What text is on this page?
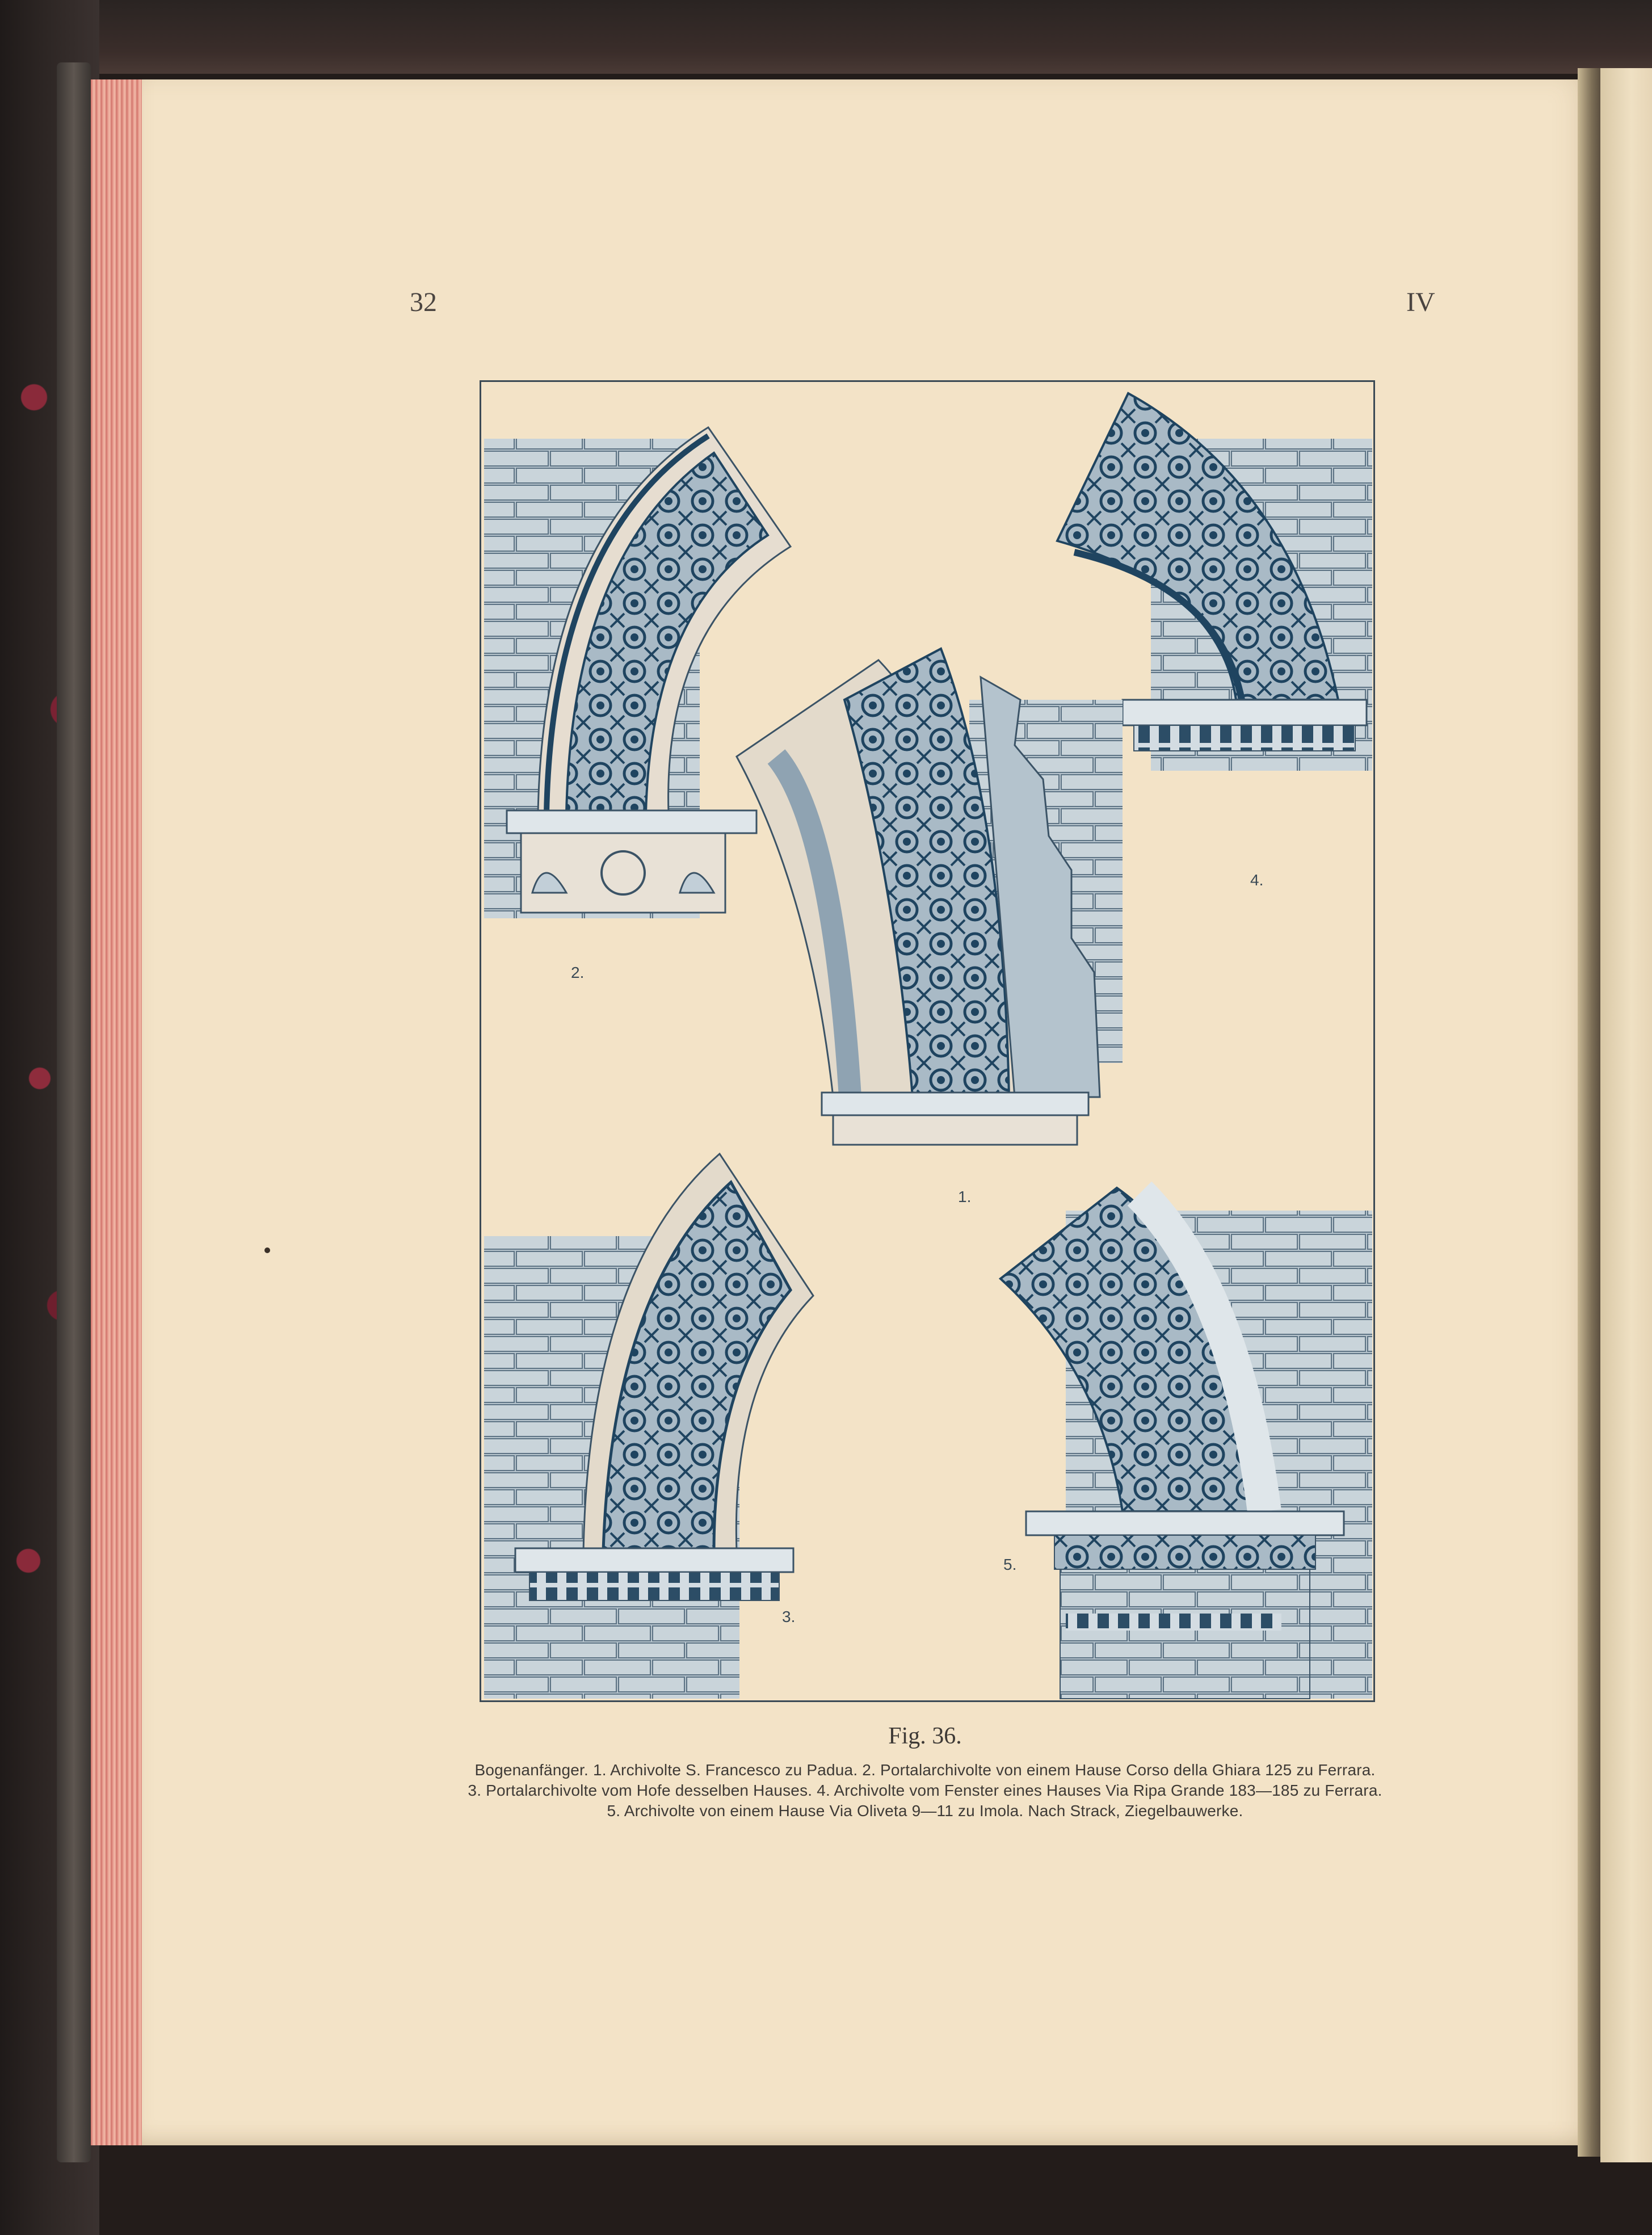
32	IV
2.
4.
1.
3.
5.
Fig. 36.
Bogenanfänger. 1. Archivolte S. Francesco zu Padua. 2. Portalarchivolte von einem Hause Corso della Ghiara 125 zu Ferrara.
3. Portalarchivolte vom Hofe desselben Hauses. 4. Archivolte vom Fenster eines Hauses Via Ripa Grande 183—185 zu Ferrara.
5. Archivolte von einem Hause Via Oliveta 9—11 zu Imola. Nach Strack, Ziegelbauwerke.
